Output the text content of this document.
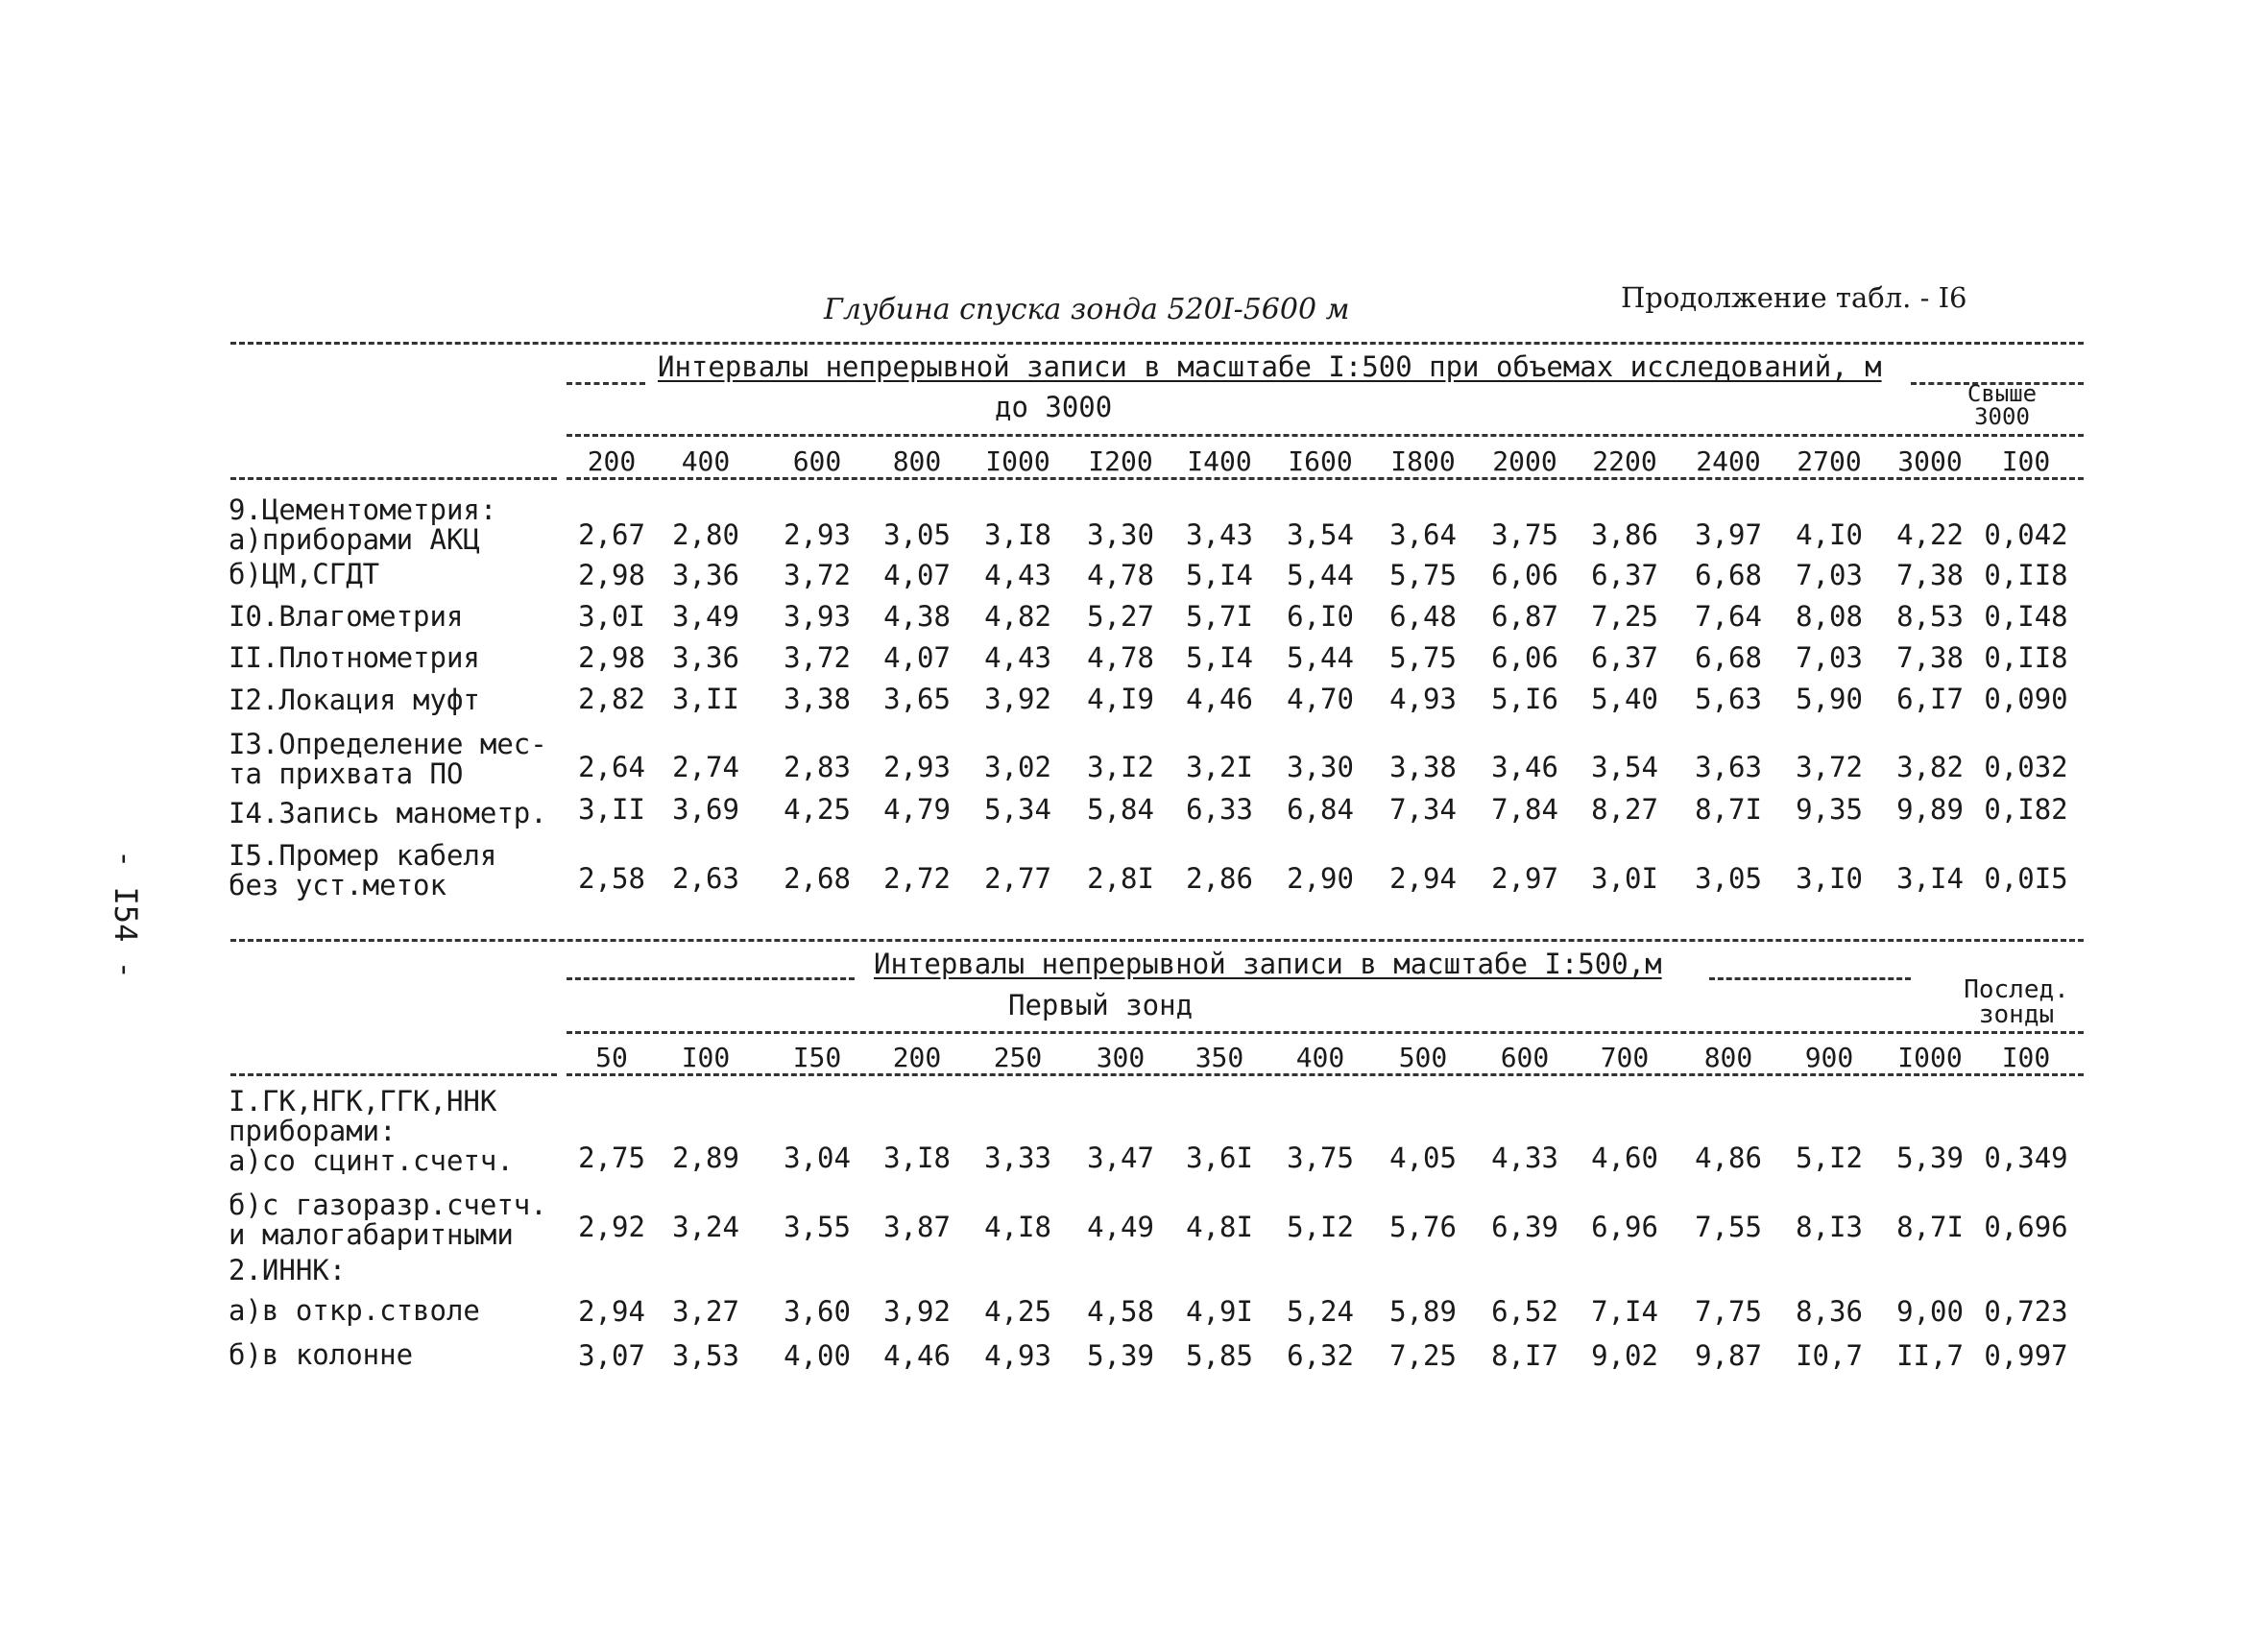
Глубина спуска зонда 520I-5600 м	Продолжение табл. - I6
- I54 -
Интервалы непрерывной записи в масштабе I:500 при объемах исследований, м
до 3000	Свыше 3000
200	400	600	800	I000	I200	I400	I600	I800	2000	2200	2400	2700	3000	I00
9.Цементометрия:
а)приборами АКЦ	2,67 2,80	2,93	3,05	3,I8	3,30	3,43	3,54	3,64	3,75	3,86	3,97	4,I0	4,22 0,042
б)ЦМ,СГДТ	2,98 3,36	3,72	4,07	4,43	4,78	5,I4	5,44	5,75	6,06	6,37	6,68	7,03	7,38 0,II8
I0.Влагометрия	3,0I 3,49	3,93	4,38	4,82	5,27	5,7I	6,I0	6,48	6,87	7,25	7,64	8,08	8,53 0,I48
II.Плотнометрия	2,98 3,36	3,72	4,07	4,43	4,78	5,I4	5,44	5,75	6,06	6,37	6,68	7,03	7,38 0,II8
I2.Локация муфт	2,82 3,II	3,38	3,65	3,92	4,I9	4,46	4,70	4,93	5,I6	5,40	5,63	5,90	6,I7 0,090
I3.Определение мес-
та прихвата ПО	2,64 2,74	2,83	2,93	3,02	3,I2	3,2I	3,30	3,38	3,46	3,54	3,63	3,72	3,82 0,032
I4.Запись манометр.	3,II 3,69	4,25	4,79	5,34	5,84	6,33	6,84	7,34	7,84	8,27	8,7I	9,35	9,89 0,I82
I5.Промер кабеля
без уст.меток	2,58 2,63	2,68	2,72	2,77	2,8I	2,86	2,90	2,94	2,97	3,0I	3,05	3,I0	3,I4 0,0I5
Интервалы непрерывной записи в масштабе I:500,м
Первый зонд	Послед. зонды
50	I00	I50	200	250	300	350	400	500	600	700	800	900	I000	I00
I.ГК,НГК,ГГК,ННК
приборами:
а)со сцинт.счетч.	2,75 2,89	3,04	3,I8	3,33	3,47	3,6I	3,75	4,05	4,33	4,60	4,86	5,I2	5,39 0,349
б)с газоразр.счетч.
и малогабаритными	2,92 3,24	3,55	3,87	4,I8	4,49	4,8I	5,I2	5,76	6,39	6,96	7,55	8,I3	8,7I 0,696
2.ИННК:
а)в откр.стволе	2,94 3,27	3,60	3,92	4,25	4,58	4,9I	5,24	5,89	6,52	7,I4	7,75	8,36	9,00 0,723
б)в колонне	3,07 3,53	4,00	4,46	4,93	5,39	5,85	6,32	7,25	8,I7	9,02	9,87	I0,7	II,7 0,997
